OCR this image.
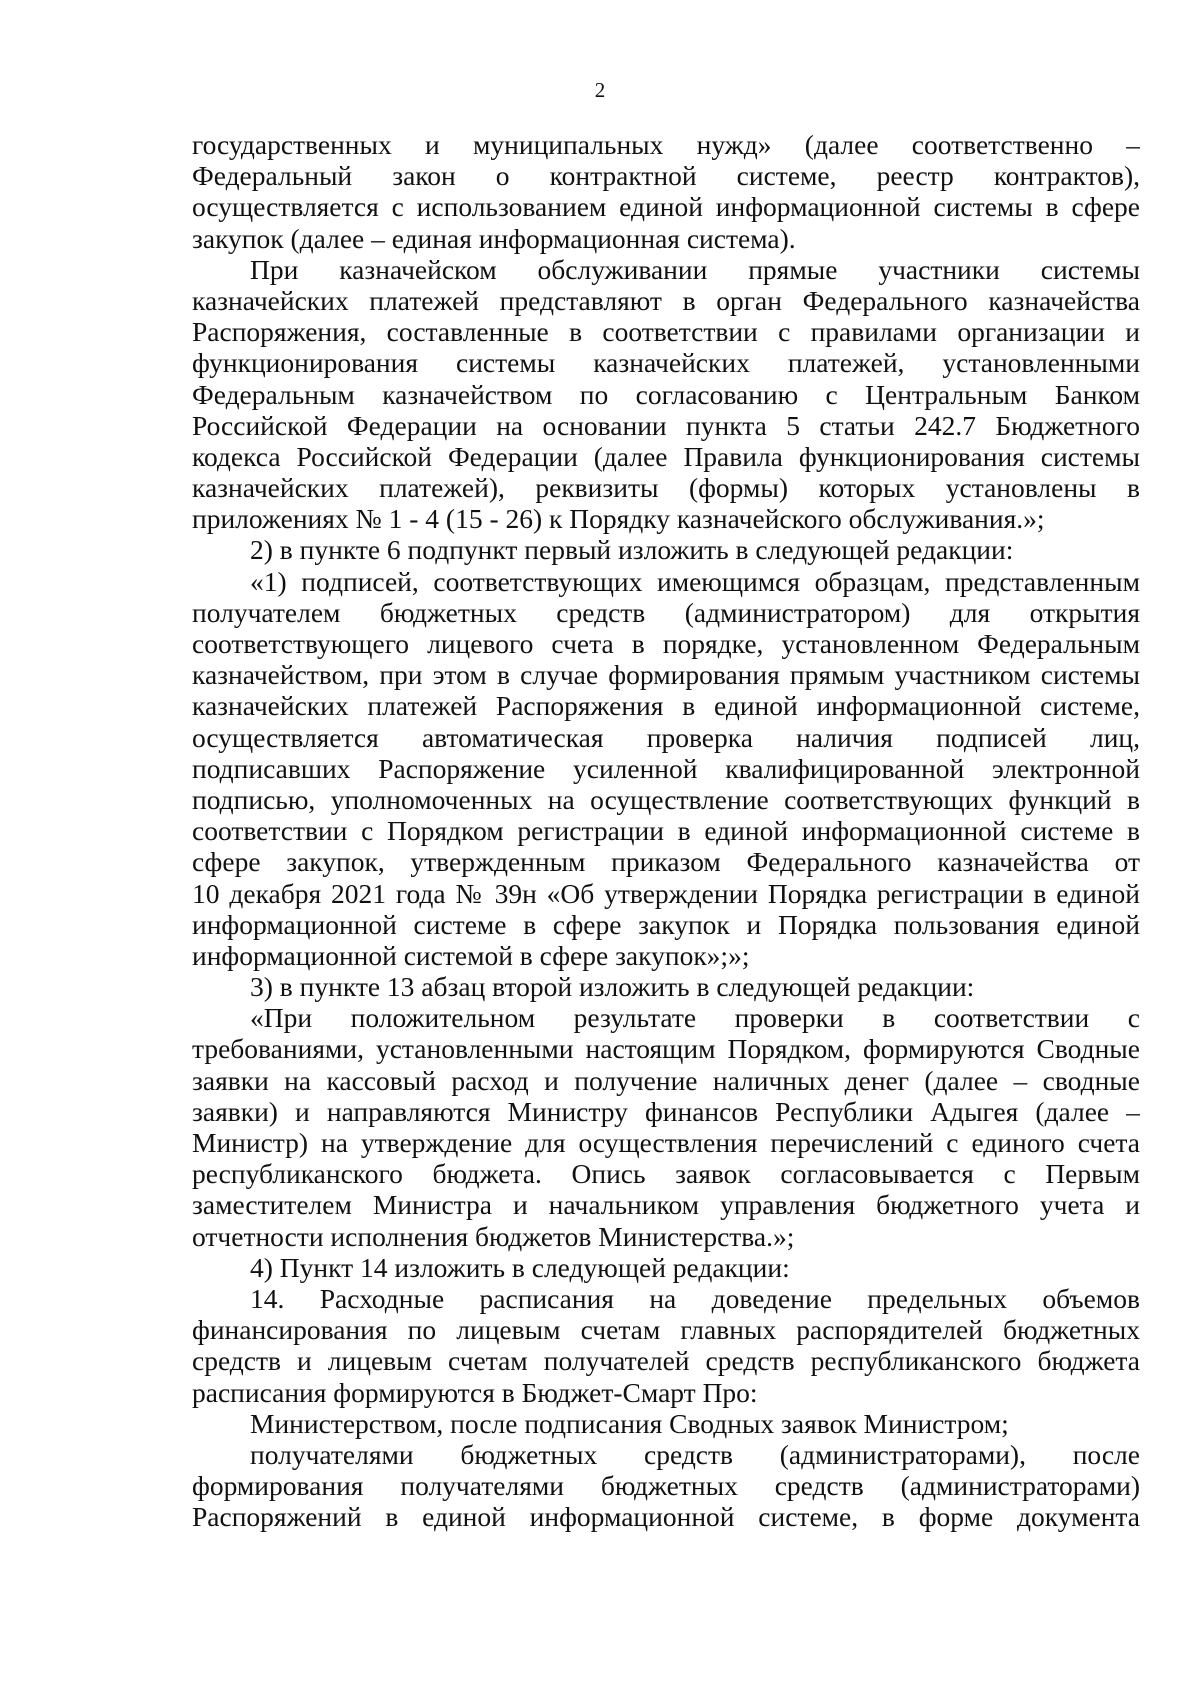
2
государственных и муниципальных нужд» (далее соответственно –
Федеральный закон о контрактной системе, реестр контрактов),
осуществляется с использованием единой информационной системы в сфере
закупок (далее – единая информационная система).
При казначейском обслуживании прямые участники системы
казначейских платежей представляют в орган Федерального казначейства
Распоряжения, составленные в соответствии с правилами организации и
функционирования системы казначейских платежей, установленными
Федеральным казначейством по согласованию с Центральным Банком
Российской Федерации на основании пункта 5 статьи 242.7 Бюджетного
кодекса Российской Федерации (далее Правила функционирования системы
казначейских платежей), реквизиты (формы) которых установлены в
приложениях № 1 - 4 (15 - 26) к Порядку казначейского обслуживания.»;
2) в пункте 6 подпункт первый изложить в следующей редакции:
«1) подписей, соответствующих имеющимся образцам, представленным
получателем бюджетных средств (администратором) для открытия
соответствующего лицевого счета в порядке, установленном Федеральным
казначейством, при этом в случае формирования прямым участником системы
казначейских платежей Распоряжения в единой информационной системе,
осуществляется автоматическая проверка наличия подписей лиц,
подписавших Распоряжение усиленной квалифицированной электронной
подписью, уполномоченных на осуществление соответствующих функций в
соответствии с Порядком регистрации в единой информационной системе в
сфере закупок, утвержденным приказом Федерального казначейства от
10 декабря 2021 года № 39н «Об утверждении Порядка регистрации в единой
информационной системе в сфере закупок и Порядка пользования единой
информационной системой в сфере закупок»;»;
3) в пункте 13 абзац второй изложить в следующей редакции:
«При положительном результате проверки в соответствии с
требованиями, установленными настоящим Порядком, формируются Сводные
заявки на кассовый расход и получение наличных денег (далее – сводные
заявки) и направляются Министру финансов Республики Адыгея (далее –
Министр) на утверждение для осуществления перечислений с единого счета
республиканского бюджета. Опись заявок согласовывается с Первым
заместителем Министра и начальником управления бюджетного учета и
отчетности исполнения бюджетов Министерства.»;
4) Пункт 14 изложить в следующей редакции:
14. Расходные расписания на доведение предельных объемов
финансирования по лицевым счетам главных распорядителей бюджетных
средств и лицевым счетам получателей средств республиканского бюджета
расписания формируются в Бюджет-Смарт Про:
Министерством, после подписания Сводных заявок Министром;
получателями бюджетных средств (администраторами), после
формирования получателями бюджетных средств (администраторами)
Распоряжений в единой информационной системе, в форме документа
